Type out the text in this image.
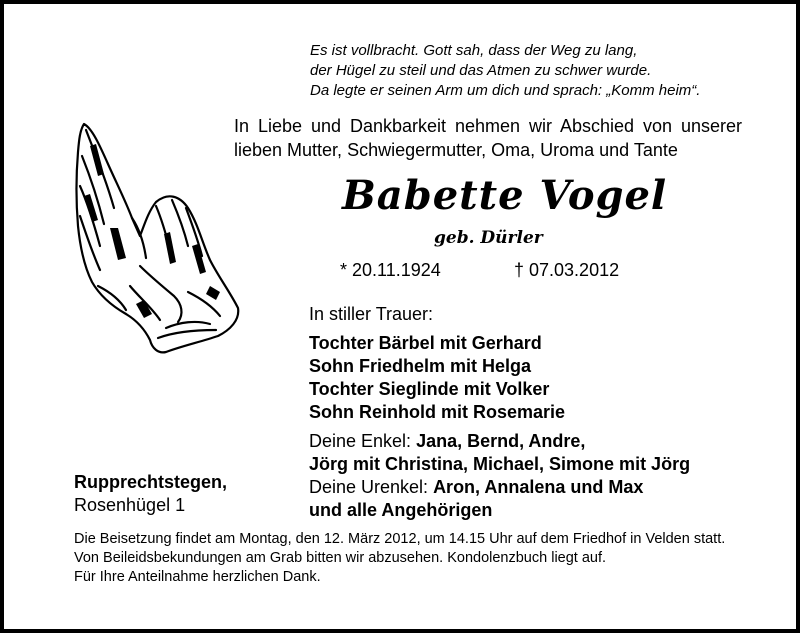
Es ist vollbracht. Gott sah, dass der Weg zu lang,
der Hügel zu steil und das Atmen zu schwer wurde.
Da legte er seinen Arm um dich und sprach: „Komm heim“.
In Liebe und Dankbarkeit nehmen wir Abschied von unserer lieben Mutter, Schwiegermutter, Oma, Uroma und Tante
Babette Vogel
geb. Dürler
* 20.11.1924	† 07.03.2012
In stiller Trauer:
Tochter Bärbel mit Gerhard
Sohn Friedhelm mit Helga
Tochter Sieglinde mit Volker
Sohn Reinhold mit Rosemarie
Deine Enkel: Jana, Bernd, Andre,
Jörg mit Christina, Michael, Simone mit Jörg
Deine Urenkel: Aron, Annalena und Max
und alle Angehörigen
Rupprechtstegen,
Rosenhügel 1
Die Beisetzung findet am Montag, den 12. März 2012, um 14.15 Uhr auf dem Friedhof in Velden statt.
Von Beileidsbekundungen am Grab bitten wir abzusehen. Kondolenzbuch liegt auf.
Für Ihre Anteilnahme herzlichen Dank.
